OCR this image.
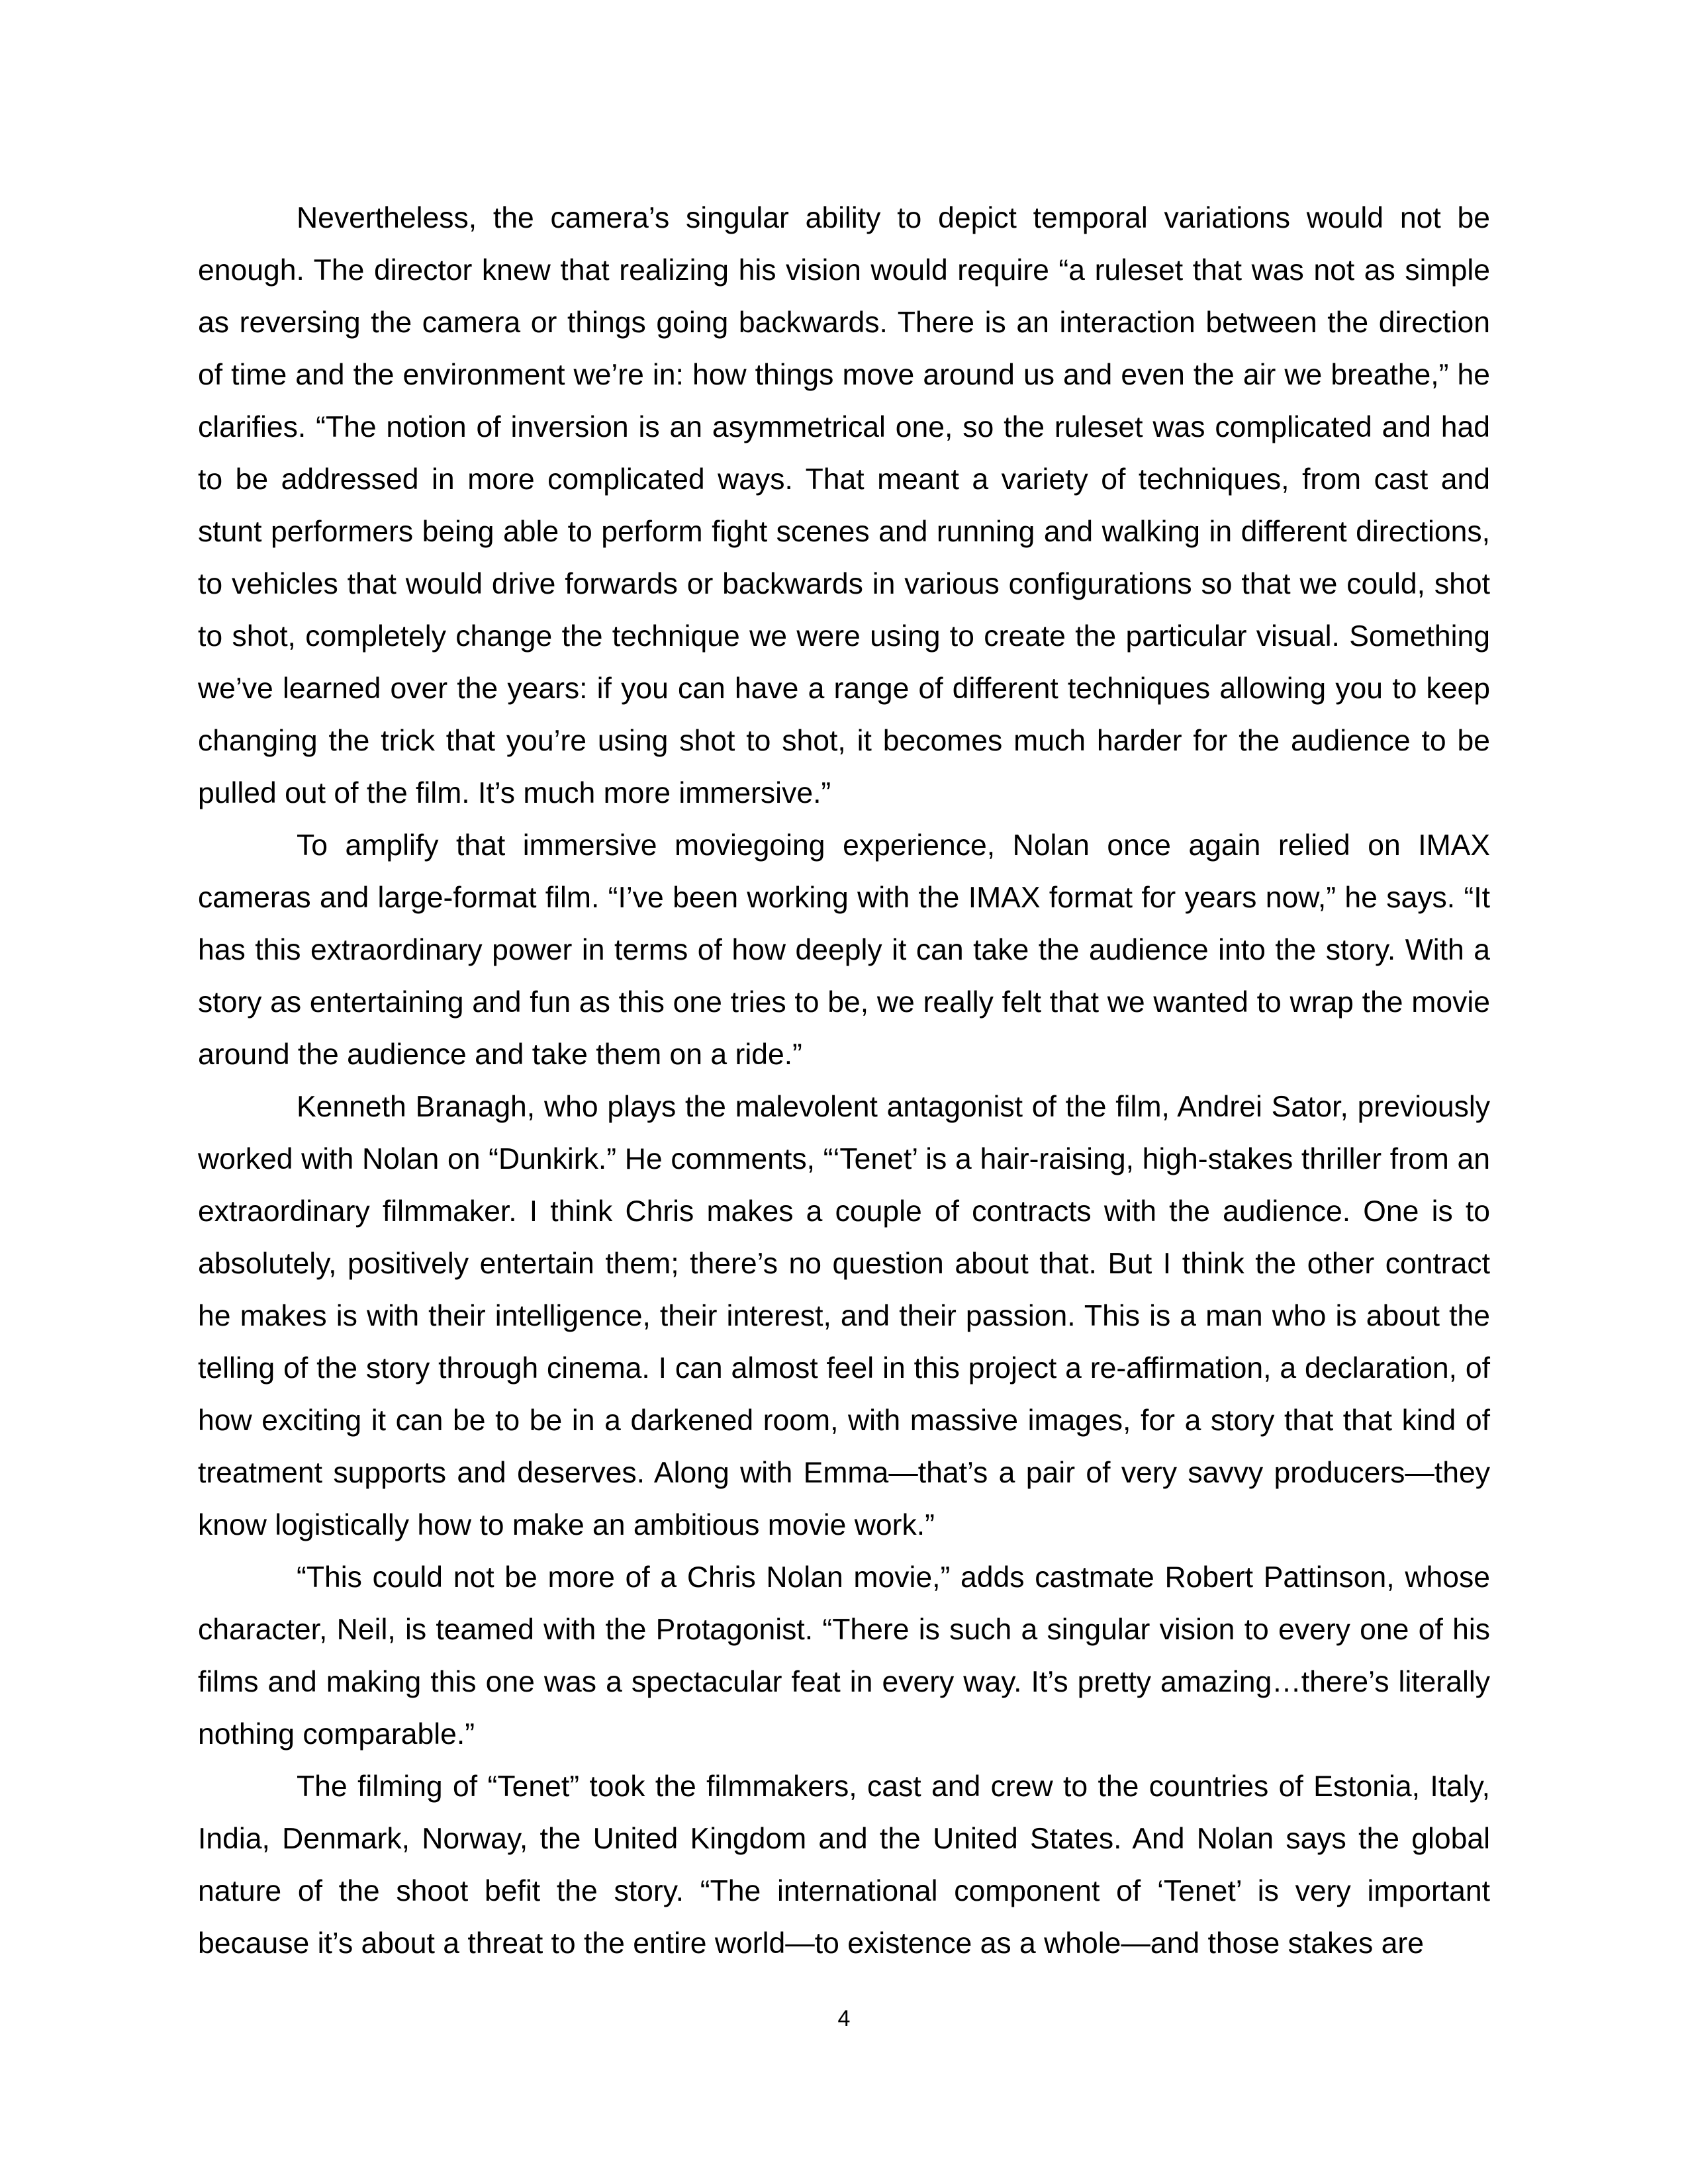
Nevertheless, the camera’s singular ability to depict temporal variations would not be enough. The director knew that realizing his vision would require “a ruleset that was not as simple as reversing the camera or things going backwards. There is an interaction between the direction of time and the environment we’re in: how things move around us and even the air we breathe,” he clarifies. “The notion of inversion is an asymmetrical one, so the ruleset was complicated and had to be addressed in more complicated ways. That meant a variety of techniques, from cast and stunt performers being able to perform fight scenes and running and walking in different directions, to vehicles that would drive forwards or backwards in various configurations so that we could, shot to shot, completely change the technique we were using to create the particular visual. Something we’ve learned over the years: if you can have a range of different techniques allowing you to keep changing the trick that you’re using shot to shot, it becomes much harder for the audience to be pulled out of the film. It’s much more immersive.”

To amplify that immersive moviegoing experience, Nolan once again relied on IMAX cameras and large-format film. “I’ve been working with the IMAX format for years now,” he says. “It has this extraordinary power in terms of how deeply it can take the audience into the story. With a story as entertaining and fun as this one tries to be, we really felt that we wanted to wrap the movie around the audience and take them on a ride.”

Kenneth Branagh, who plays the malevolent antagonist of the film, Andrei Sator, previously worked with Nolan on “Dunkirk.” He comments, “‘Tenet’ is a hair-raising, high-stakes thriller from an extraordinary filmmaker. I think Chris makes a couple of contracts with the audience. One is to absolutely, positively entertain them; there’s no question about that. But I think the other contract he makes is with their intelligence, their interest, and their passion. This is a man who is about the telling of the story through cinema. I can almost feel in this project a re-affirmation, a declaration, of how exciting it can be to be in a darkened room, with massive images, for a story that that kind of treatment supports and deserves. Along with Emma—that’s a pair of very savvy producers—they know logistically how to make an ambitious movie work.”

“This could not be more of a Chris Nolan movie,” adds castmate Robert Pattinson, whose character, Neil, is teamed with the Protagonist. “There is such a singular vision to every one of his films and making this one was a spectacular feat in every way. It’s pretty amazing…there’s literally nothing comparable.”

The filming of “Tenet” took the filmmakers, cast and crew to the countries of Estonia, Italy, India, Denmark, Norway, the United Kingdom and the United States. And Nolan says the global nature of the shoot befit the story. “The international component of ‘Tenet’ is very important because it’s about a threat to the entire world—to existence as a whole—and those stakes are

4
